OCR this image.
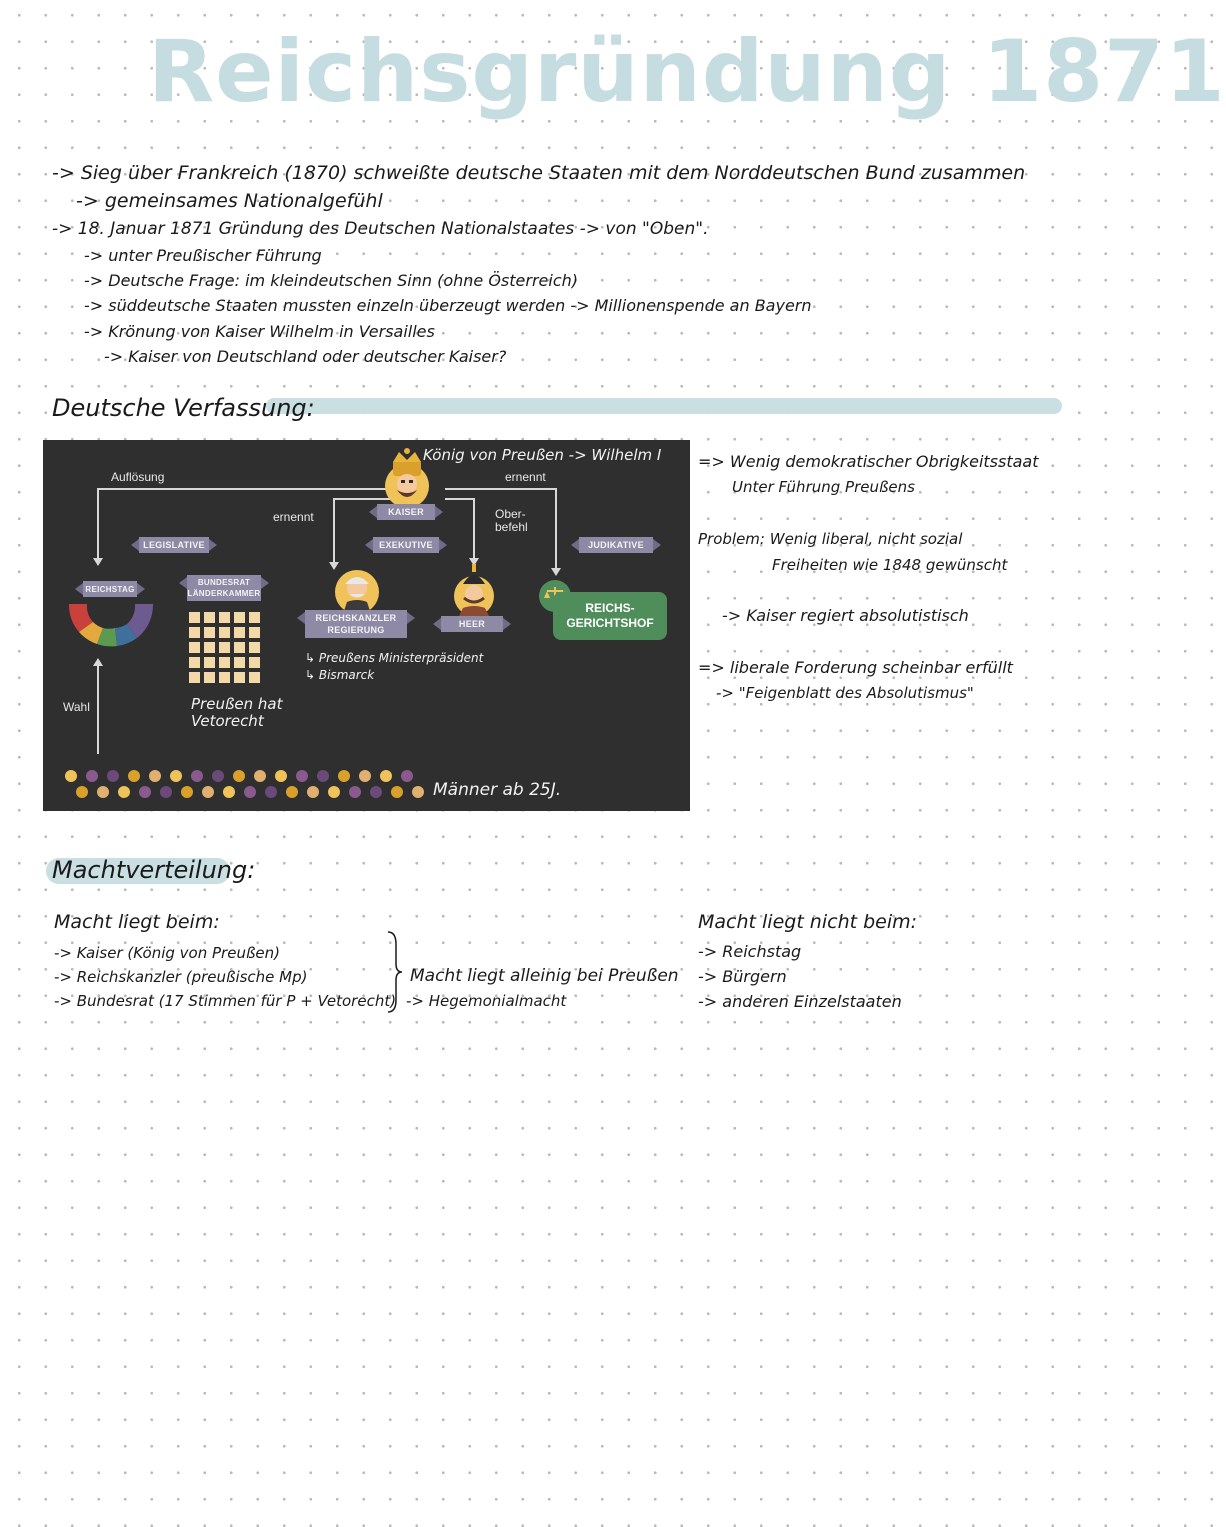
Reichsgründung 1871
-> Sieg über Frankreich (1870) schweißte deutsche Staaten mit dem Norddeutschen Bund zusammen
-> gemeinsames Nationalgefühl
-> 18. Januar 1871 Gründung des Deutschen Nationalstaates -> von "Oben".
-> unter Preußischer Führung
-> Deutsche Frage: im kleindeutschen Sinn (ohne Österreich)
-> süddeutsche Staaten mussten einzeln überzeugt werden -> Millionenspende an Bayern
-> Krönung von Kaiser Wilhelm in Versailles
-> Kaiser von Deutschland oder deutscher Kaiser?
Deutsche Verfassung:
Auflösung
ernennt
ernennt
Ober-
befehl
KAISER
König von Preußen -> Wilhelm I
LEGISLATIVE	EXEKUTIVE	JUDIKATIVE
REICHSTAG
BUNDESRAT
LÄNDERKAMMER
Preußen hat
Vetorecht
REICHSKANZLER
REGIERUNG
↳ Preußens Ministerpräsident
↳ Bismarck
HEER
REICHS-
GERICHTSHOF
Wahl
Männer ab 25J.
=> Wenig demokratischer Obrigkeitsstaat
Unter Führung Preußens
Problem: Wenig liberal, nicht sozial
Freiheiten wie 1848 gewünscht
-> Kaiser regiert absolutistisch
=> liberale Forderung scheinbar erfüllt
-> "Feigenblatt des Absolutismus"
Machtverteilung:
Macht liegt beim:
-> Kaiser (König von Preußen)
-> Reichskanzler (preußische Mp)
-> Bundesrat (17 Stimmen für P + Vetorecht)
Macht liegt alleinig bei Preußen
-> Hegemonialmacht
Macht liegt nicht beim:
-> Reichstag
-> Bürgern
-> anderen Einzelstaaten
